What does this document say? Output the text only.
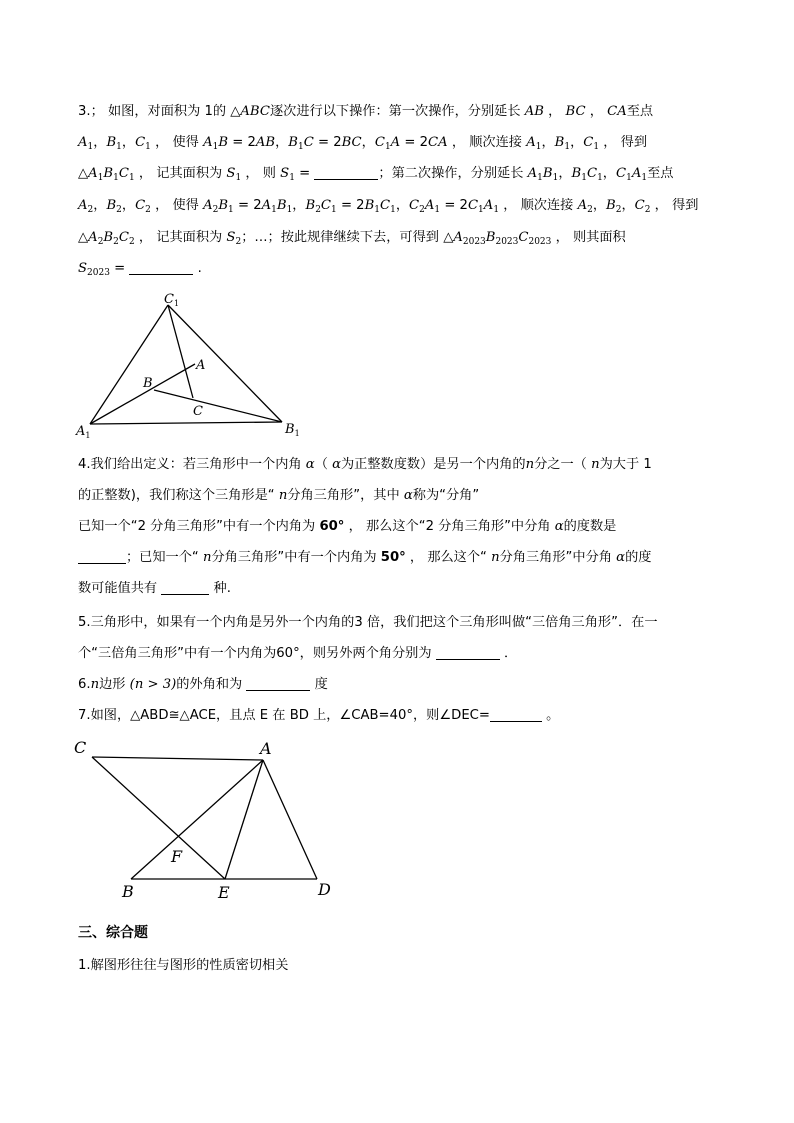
3.； 如图，对面积为 1的 △ABC逐次进行以下操作：第一次操作，分别延长 AB ， BC ， CA至点
$A_1$，$B_1$，$C_1$ ， 使得 $A_1B = 2AB$，$B_1C = 2BC$，$C_1A = 2CA$ ， 顺次连接 $A_1$，$B_1$，$C_1$ ， 得到
$\triangle A_1B_1C_1$ ， 记其面积为 $S_1$ ， 则 $S_1$ =	；第二次操作，分别延长 $A_1B_1$，$B_1C_1$，$C_1A_1$至点
$A_2$，$B_2$，$C_2$ ， 使得 $A_2B_1 = 2A_1B_1$，$B_2C_1 = 2B_1C_1$，$C_2A_1 = 2C_1A_1$ ， 顺次连接 $A_2$，$B_2$，$C_2$ ， 得到
$\triangle A_2B_2C_2$ ， 记其面积为 $S_2$；…；按此规律继续下去，可得到 $\triangle A_{2023}B_{2023}C_{2023}$ ， 则其面积
$S_{2023}$ =	.
$C_1$
A
B
C
$A_1$	$B_1$
4.我们给出定义：若三角形中一个内角 α（ α为正整数度数）是另一个内角的n分之一（ n为大于 1
的正整数)，我们称这个三角形是“ n分角三角形”，其中 α称为“分角”
已知一个“2 分角三角形”中有一个内角为 60° ， 那么这个“2 分角三角形”中分角 α的度数是
；已知一个“ n分角三角形”中有一个内角为 50° ， 那么这个“ n分角三角形”中分角 α的度
数可能值共有	种.
5.三角形中，如果有一个内角是另外一个内角的3 倍，我们把这个三角形叫做“三倍角三角形”．在一
个“三倍角三角形”中有一个内角为60°，则另外两个角分别为	．
6.n边形 (n > 3)的外角和为	度
7.如图，△ABD≅△ACE，且点 E 在 BD 上，∠CAB=40°，则∠DEC=	。
C	A
F
B	E	D
三、综合题
1.解图形往往与图形的性质密切相关
